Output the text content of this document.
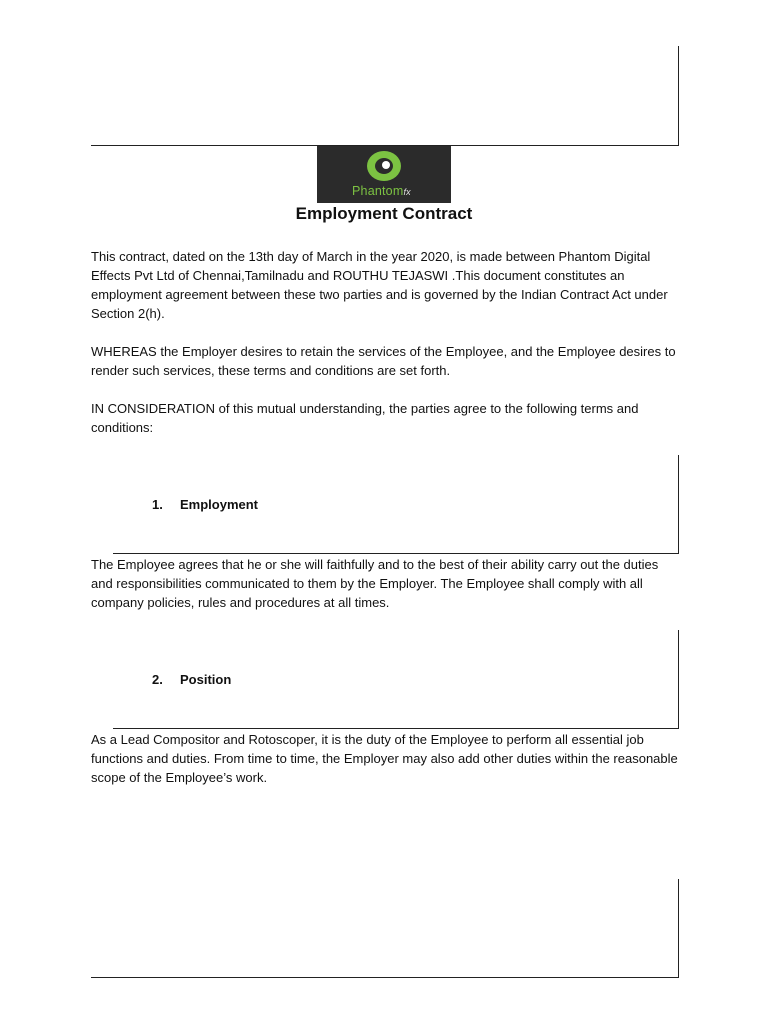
Phantomfx
Employment Contract
This contract, dated on the 13th day of March in the year 2020, is made between Phantom Digital Effects Pvt Ltd of Chennai,Tamilnadu and ROUTHU TEJASWI .This document constitutes an employment agreement between these two parties and is governed by the Indian Contract Act under Section 2(h).
WHEREAS the Employer desires to retain the services of the Employee, and the Employee desires to render such services, these terms and conditions are set forth.
IN CONSIDERATION of this mutual understanding, the parties agree to the following terms and conditions:
1. Employment
The Employee agrees that he or she will faithfully and to the best of their ability carry out the duties and responsibilities communicated to them by the Employer. The Employee shall comply with all company policies, rules and procedures at all times.
2. Position
As a Lead Compositor and Rotoscoper, it is the duty of the Employee to perform all essential job functions and duties. From time to time, the Employer may also add other duties within the reasonable scope of the Employee’s work.
